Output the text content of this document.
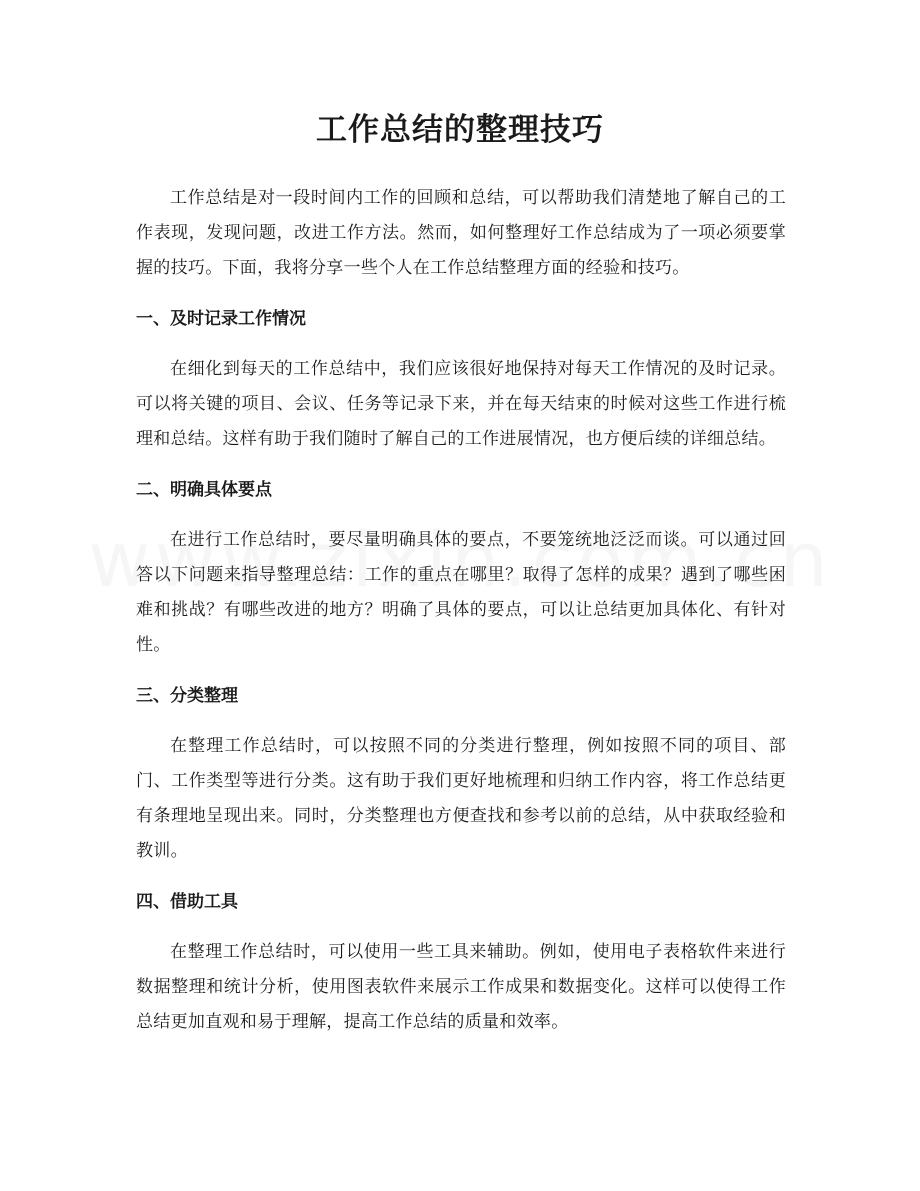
工作总结的整理技巧

工作总结是对一段时间内工作的回顾和总结，可以帮助我们清楚地了解自己的工作表现，发现问题，改进工作方法。然而，如何整理好工作总结成为了一项必须要掌握的技巧。下面，我将分享一些个人在工作总结整理方面的经验和技巧。

一、及时记录工作情况

在细化到每天的工作总结中，我们应该很好地保持对每天工作情况的及时记录。可以将关键的项目、会议、任务等记录下来，并在每天结束的时候对这些工作进行梳理和总结。这样有助于我们随时了解自己的工作进展情况，也方便后续的详细总结。

二、明确具体要点

在进行工作总结时，要尽量明确具体的要点，不要笼统地泛泛而谈。可以通过回答以下问题来指导整理总结：工作的重点在哪里？取得了怎样的成果？遇到了哪些困难和挑战？有哪些改进的地方？明确了具体的要点，可以让总结更加具体化、有针对性。

三、分类整理

在整理工作总结时，可以按照不同的分类进行整理，例如按照不同的项目、部门、工作类型等进行分类。这有助于我们更好地梳理和归纳工作内容，将工作总结更有条理地呈现出来。同时，分类整理也方便查找和参考以前的总结，从中获取经验和教训。

四、借助工具

在整理工作总结时，可以使用一些工具来辅助。例如，使用电子表格软件来进行数据整理和统计分析，使用图表软件来展示工作成果和数据变化。这样可以使得工作总结更加直观和易于理解，提高工作总结的质量和效率。
